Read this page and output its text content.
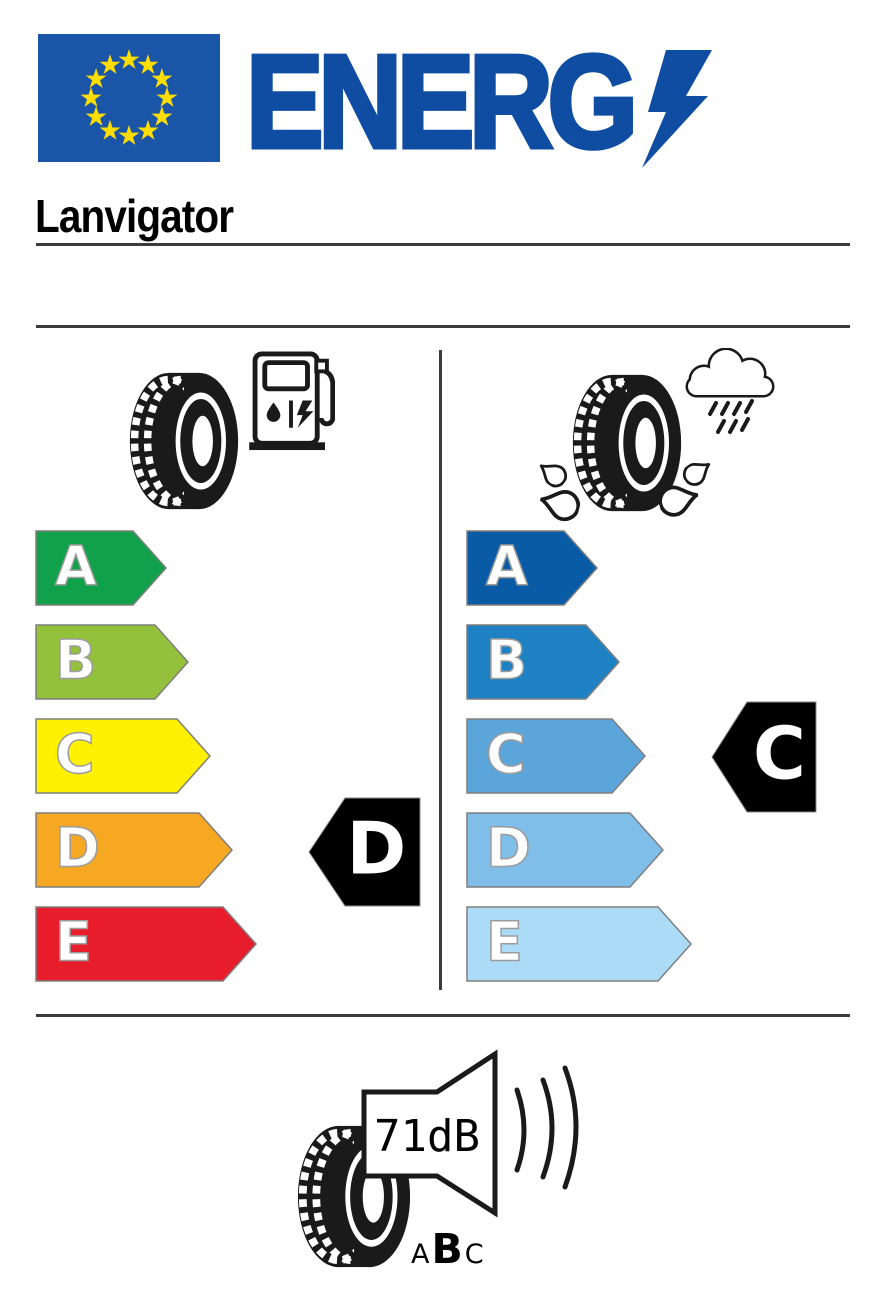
ENERG
Lanvigator
A
B
C
D
E
A
B
C
D
E
D
C
71dB
A B C
